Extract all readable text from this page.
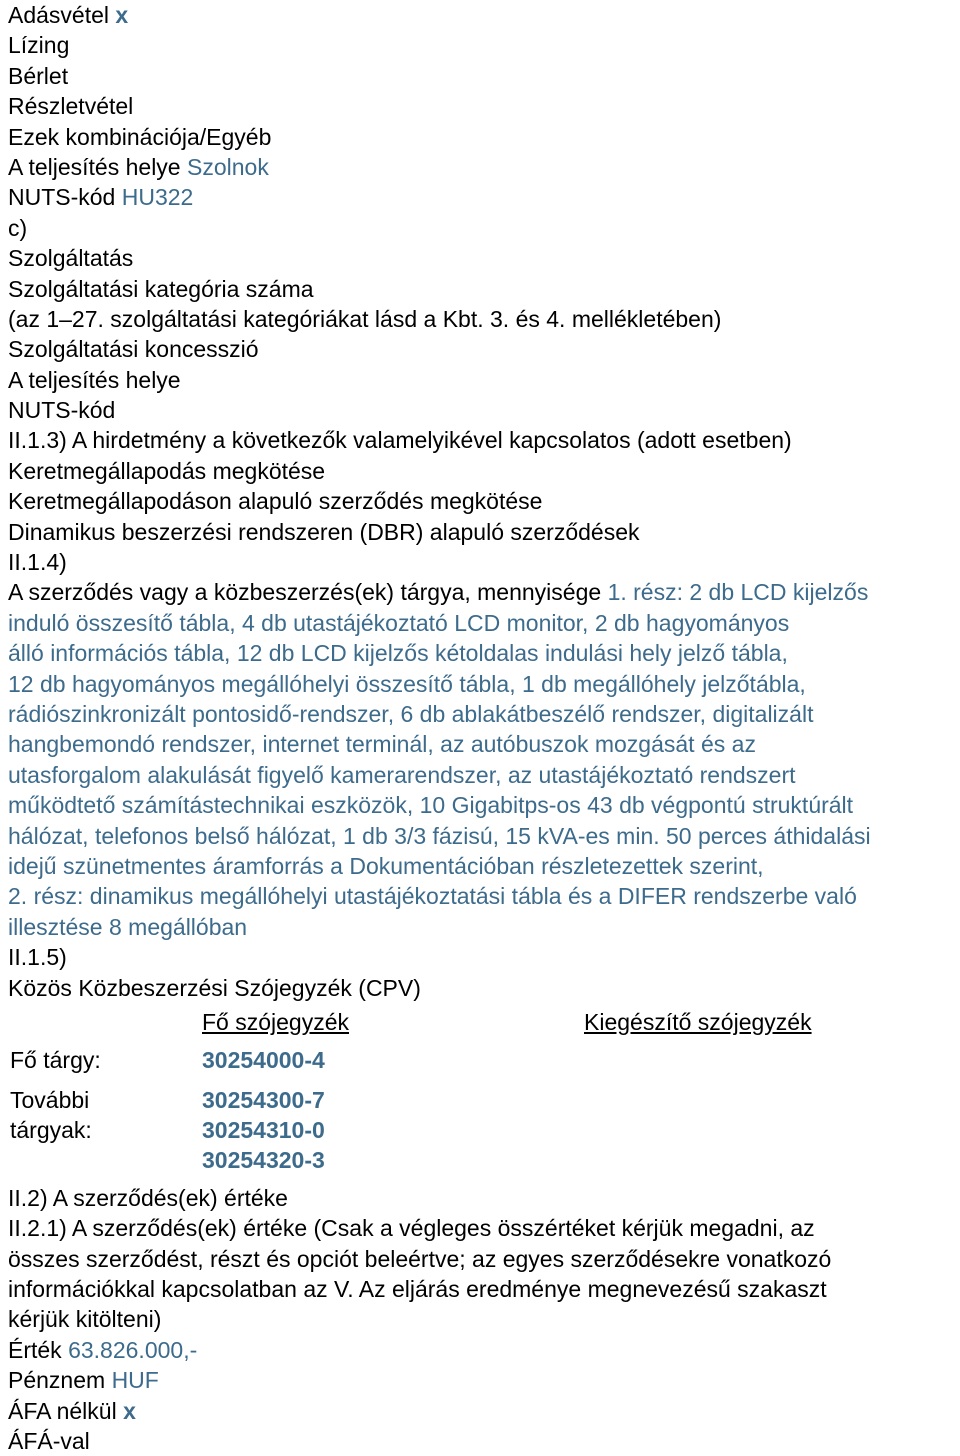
Adásvétel x
Lízing
Bérlet
Részletvétel
Ezek kombinációja/Egyéb
A teljesítés helye Szolnok
NUTS-kód HU322
c)
Szolgáltatás
Szolgáltatási kategória száma
(az 1–27. szolgáltatási kategóriákat lásd a Kbt. 3. és 4. mellékletében)
Szolgáltatási koncesszió
A teljesítés helye
NUTS-kód
II.1.3) A hirdetmény a következők valamelyikével kapcsolatos (adott esetben)
Keretmegállapodás megkötése
Keretmegállapodáson alapuló szerződés megkötése
Dinamikus beszerzési rendszeren (DBR) alapuló szerződések
II.1.4)
A szerződés vagy a közbeszerzés(ek) tárgya, mennyisége 1. rész: 2 db LCD kijelzős
induló összesítő tábla, 4 db utastájékoztató LCD monitor, 2 db hagyományos
álló információs tábla, 12 db LCD kijelzős kétoldalas indulási hely jelző tábla,
12 db hagyományos megállóhelyi összesítő tábla, 1 db megállóhely jelzőtábla,
rádiószinkronizált pontosidő-rendszer, 6 db ablakátbeszélő rendszer, digitalizált
hangbemondó rendszer, internet terminál, az autóbuszok mozgását és az
utasforgalom alakulását figyelő kamerarendszer, az utastájékoztató rendszert
működtető számítástechnikai eszközök, 10 Gigabitps-os 43 db végpontú struktúrált
hálózat, telefonos belső hálózat, 1 db 3/3 fázisú, 15 kVA-es min. 50 perces áthidalási
idejű szünetmentes áramforrás a Dokumentációban részletezettek szerint,
2. rész: dinamikus megállóhelyi utastájékoztatási tábla és a DIFER rendszerbe való
illesztése 8 megállóban
II.1.5)
Közös Közbeszerzési Szójegyzék (CPV)
Fő szójegyzék	Kiegészítő szójegyzék
Fő tárgy:	30254000-4
További
tárgyak:
30254300-7
30254310-0
30254320-3
II.2) A szerződés(ek) értéke
II.2.1) A szerződés(ek) értéke (Csak a végleges összértéket kérjük megadni, az
összes szerződést, részt és opciót beleértve; az egyes szerződésekre vonatkozó
információkkal kapcsolatban az V. Az eljárás eredménye megnevezésű szakaszt
kérjük kitölteni)
Érték 63.826.000,-
Pénznem HUF
ÁFA nélkül x
ÁFÁ-val
